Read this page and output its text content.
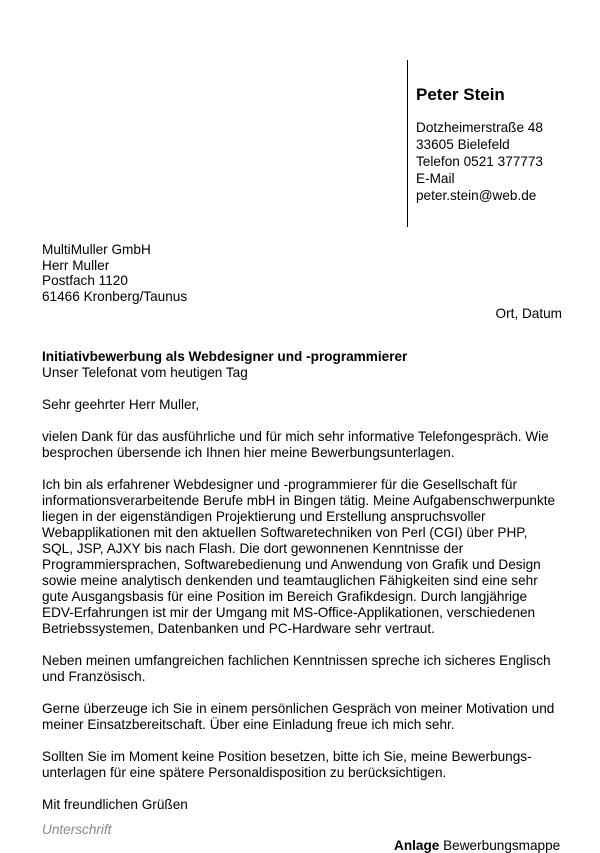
Peter Stein
Dotzheimerstraße 48
33605 Bielefeld
Telefon 0521 377773
E-Mail
peter.stein@web.de
MultiMuller GmbH
Herr Muller
Postfach 1120
61466 Kronberg/Taunus
Ort, Datum
Initiativbewerbung als Webdesigner und -programmierer
Unser Telefonat vom heutigen Tag

Sehr geehrter Herr Muller,

vielen Dank für das ausführliche und für mich sehr informative Telefongespräch. Wie besprochen übersende ich Ihnen hier meine Bewerbungsunterlagen.

Ich bin als erfahrener Webdesigner und -programmierer für die Gesellschaft für informationsverarbeitende Berufe mbH in Bingen tätig. Meine Aufgabenschwerpunkte liegen in der eigenständigen Projektierung und Erstellung anspruchsvoller Webapplikationen mit den aktuellen Softwaretechniken von Perl (CGI) über PHP, SQL, JSP, AJXY bis nach Flash. Die dort gewonnenen Kenntnisse der Programmiersprachen, Softwarebedienung und Anwendung von Grafik und Design sowie meine analytisch denkenden und teamtauglichen Fähigkeiten sind eine sehr gute Ausgangsbasis für eine Position im Bereich Grafikdesign. Durch langjährige EDV-Erfahrungen ist mir der Umgang mit MS-Office-Applikationen, verschiedenen Betriebssystemen, Datenbanken und PC-Hardware sehr vertraut.

Neben meinen umfangreichen fachlichen Kenntnissen spreche ich sicheres Englisch und Französisch.

Gerne überzeuge ich Sie in einem persönlichen Gespräch von meiner Motivation und meiner Einsatzbereitschaft. Über eine Einladung freue ich mich sehr.

Sollten Sie im Moment keine Position besetzen, bitte ich Sie, meine Bewerbungs-unterlagen für eine spätere Personaldisposition zu berücksichtigen.

Mit freundlichen Grüßen

Unterschrift
Anlage Bewerbungsmappe
